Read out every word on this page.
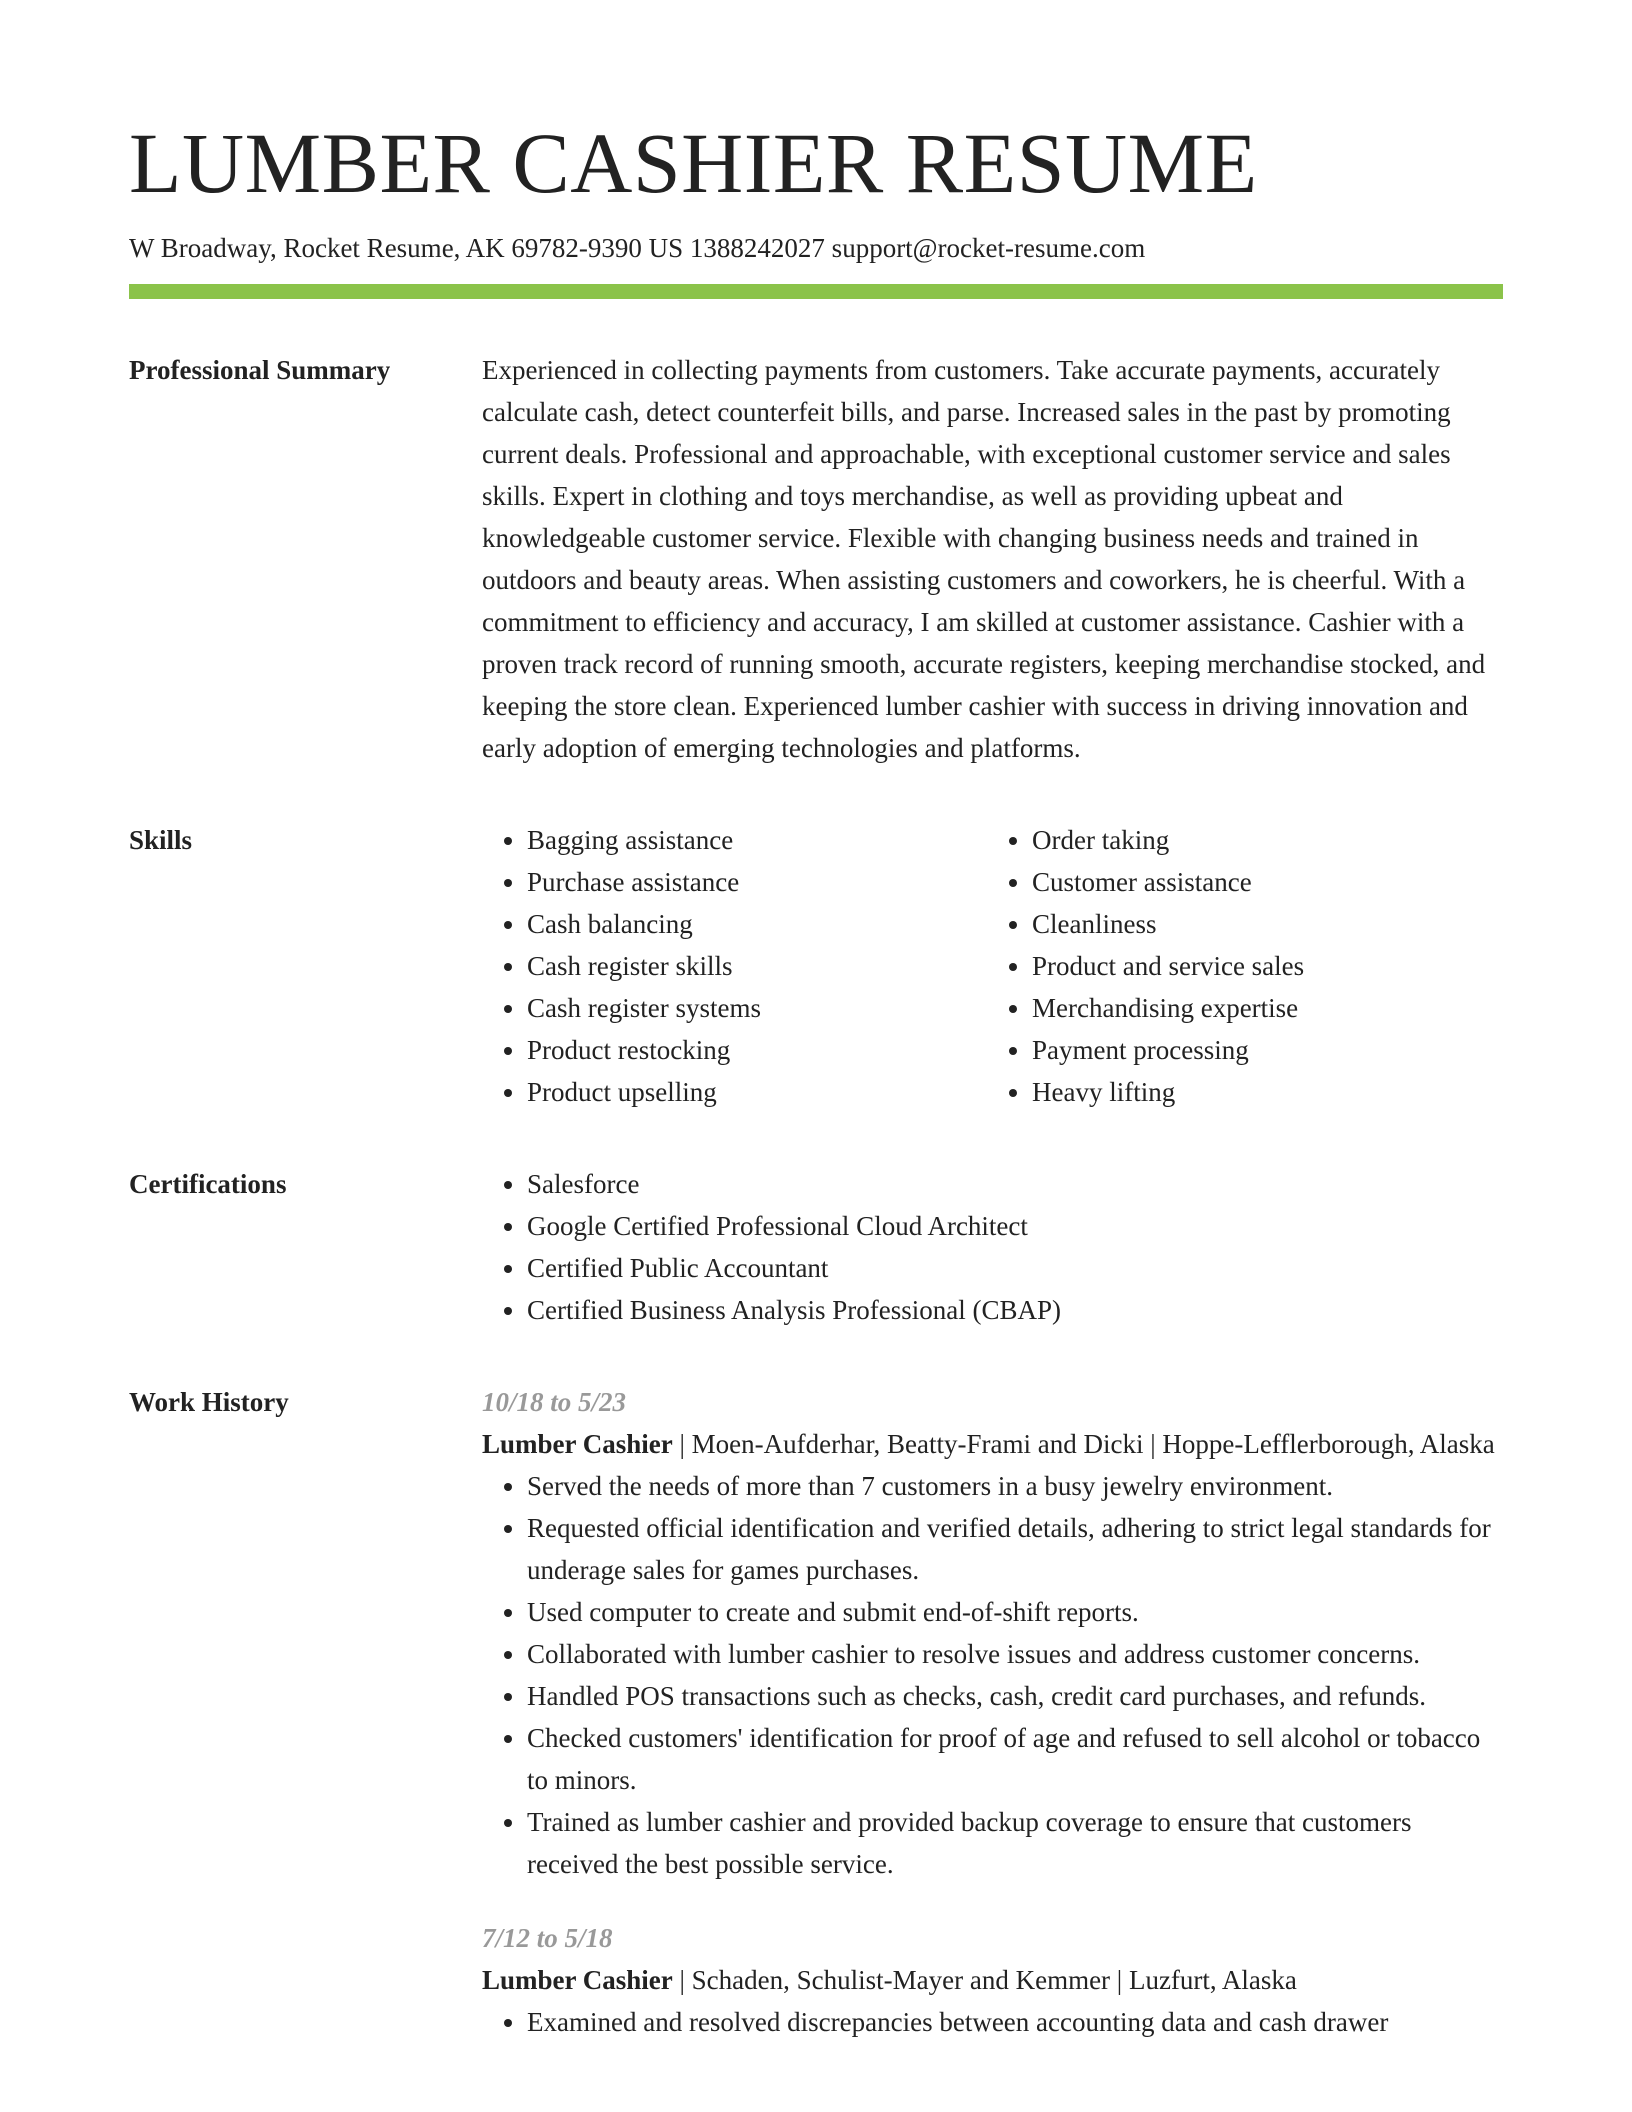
LUMBER CASHIER RESUME
W Broadway, Rocket Resume, AK 69782-9390 US 1388242027 support@rocket-resume.com
Professional Summary	Experienced in collecting payments from customers. Take accurate payments, accurately calculate cash, detect counterfeit bills, and parse. Increased sales in the past by promoting current deals. Professional and approachable, with exceptional customer service and sales skills. Expert in clothing and toys merchandise, as well as providing upbeat and knowledgeable customer service. Flexible with changing business needs and trained in outdoors and beauty areas. When assisting customers and coworkers, he is cheerful. With a commitment to efficiency and accuracy, I am skilled at customer assistance. Cashier with a proven track record of running smooth, accurate registers, keeping merchandise stocked, and keeping the store clean. Experienced lumber cashier with success in driving innovation and early adoption of emerging technologies and platforms.

Skills	• Bagging assistance
• Purchase assistance
• Cash balancing
• Cash register skills
• Cash register systems
• Product restocking
• Product upselling
• Order taking
• Customer assistance
• Cleanliness
• Product and service sales
• Merchandising expertise
• Payment processing
• Heavy lifting
Certifications	• Salesforce
• Google Certified Professional Cloud Architect
• Certified Public Accountant
• Certified Business Analysis Professional (CBAP)
Work History	10/18 to 5/23
Lumber Cashier | Moen-Aufderhar, Beatty-Frami and Dicki | Hoppe-Lefflerborough, Alaska
• Served the needs of more than 7 customers in a busy jewelry environment.
• Requested official identification and verified details, adhering to strict legal standards for underage sales for games purchases.
• Used computer to create and submit end-of-shift reports.
• Collaborated with lumber cashier to resolve issues and address customer concerns.
• Handled POS transactions such as checks, cash, credit card purchases, and refunds.
• Checked customers' identification for proof of age and refused to sell alcohol or tobacco to minors.
• Trained as lumber cashier and provided backup coverage to ensure that customers received the best possible service.
7/12 to 5/18
Lumber Cashier | Schaden, Schulist-Mayer and Kemmer | Luzfurt, Alaska
• Examined and resolved discrepancies between accounting data and cash drawer
